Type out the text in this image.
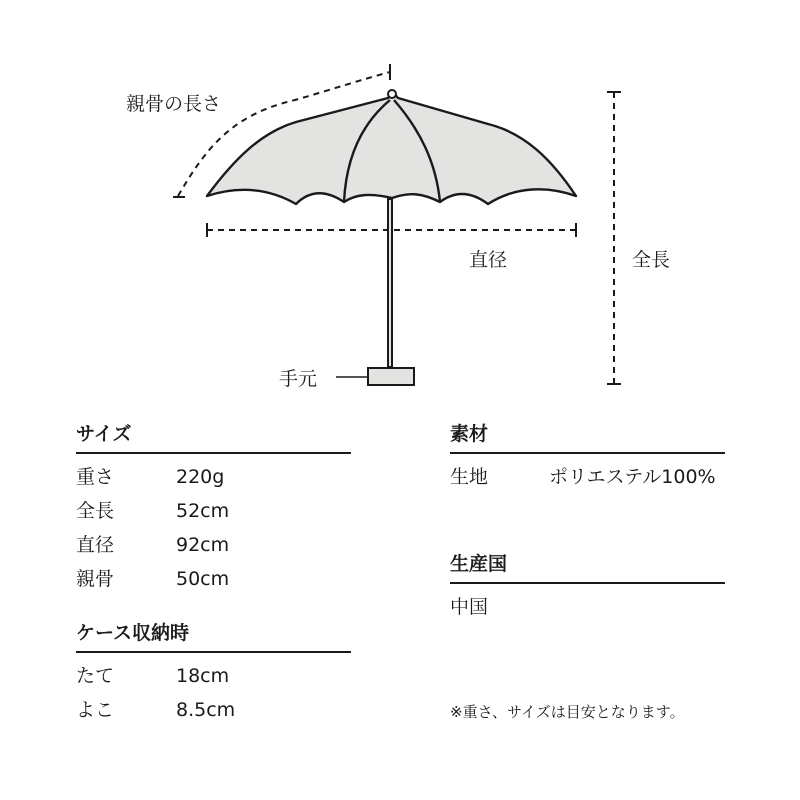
親骨の長さ
直径	全長
手元
サイズ
重さ	220g
全長	52cm
直径	92cm
親骨	50cm
ケース収納時
たて	18cm
よこ	8.5cm
素材
生地	ポリエステル100%
生産国
中国
※重さ、サイズは目安となります。
